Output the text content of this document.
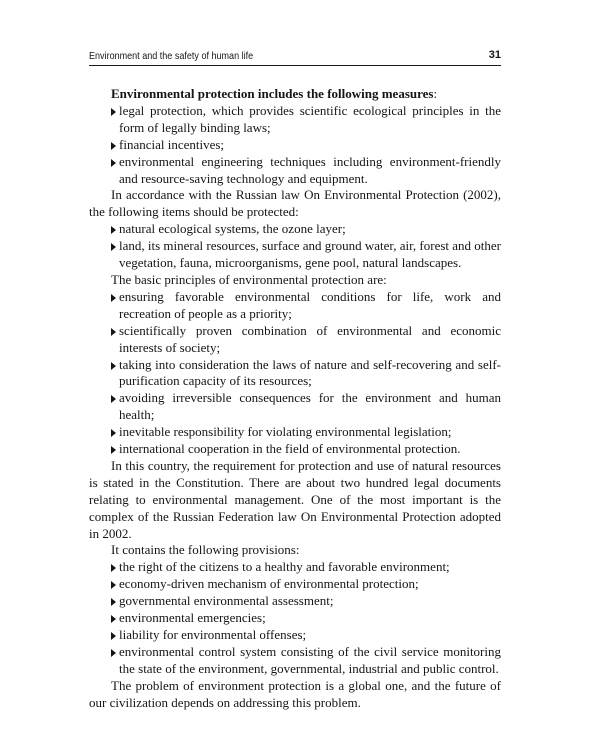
Environment and the safety of human life	31

Environmental protection includes the following measures:

legal protection, which provides scientific ecological principles in the form of legally binding laws;
financial incentives;
environmental engineering techniques including environment-friendly and resource-saving technology and equipment.

In accordance with the Russian law On Environmental Protection (2002), the following items should be protected:

natural ecological systems, the ozone layer;
land, its mineral resources, surface and ground water, air, forest and other vegetation, fauna, microorganisms, gene pool, natural landscapes.

The basic principles of environmental protection are:

ensuring favorable environmental conditions for life, work and recreation of people as a priority;
scientifically proven combination of environmental and economic interests of society;
taking into consideration the laws of nature and self-recovering and self-purification capacity of its resources;
avoiding irreversible consequences for the environment and human health;
inevitable responsibility for violating environmental legislation;
international cooperation in the field of environmental protection.

In this country, the requirement for protection and use of natural resources is stated in the Constitution. There are about two hundred legal documents relating to environmental management. One of the most important is the complex of the Russian Federation law On Environmental Protection adopted in 2002.

It contains the following provisions:

the right of the citizens to a healthy and favorable environment;
economy-driven mechanism of environmental protection;
governmental environmental assessment;
environmental emergencies;
liability for environmental offenses;
environmental control system consisting of the civil service monitoring the state of the environment, governmental, industrial and public control.

The problem of environment protection is a global one, and the future of our civilization depends on addressing this problem.
